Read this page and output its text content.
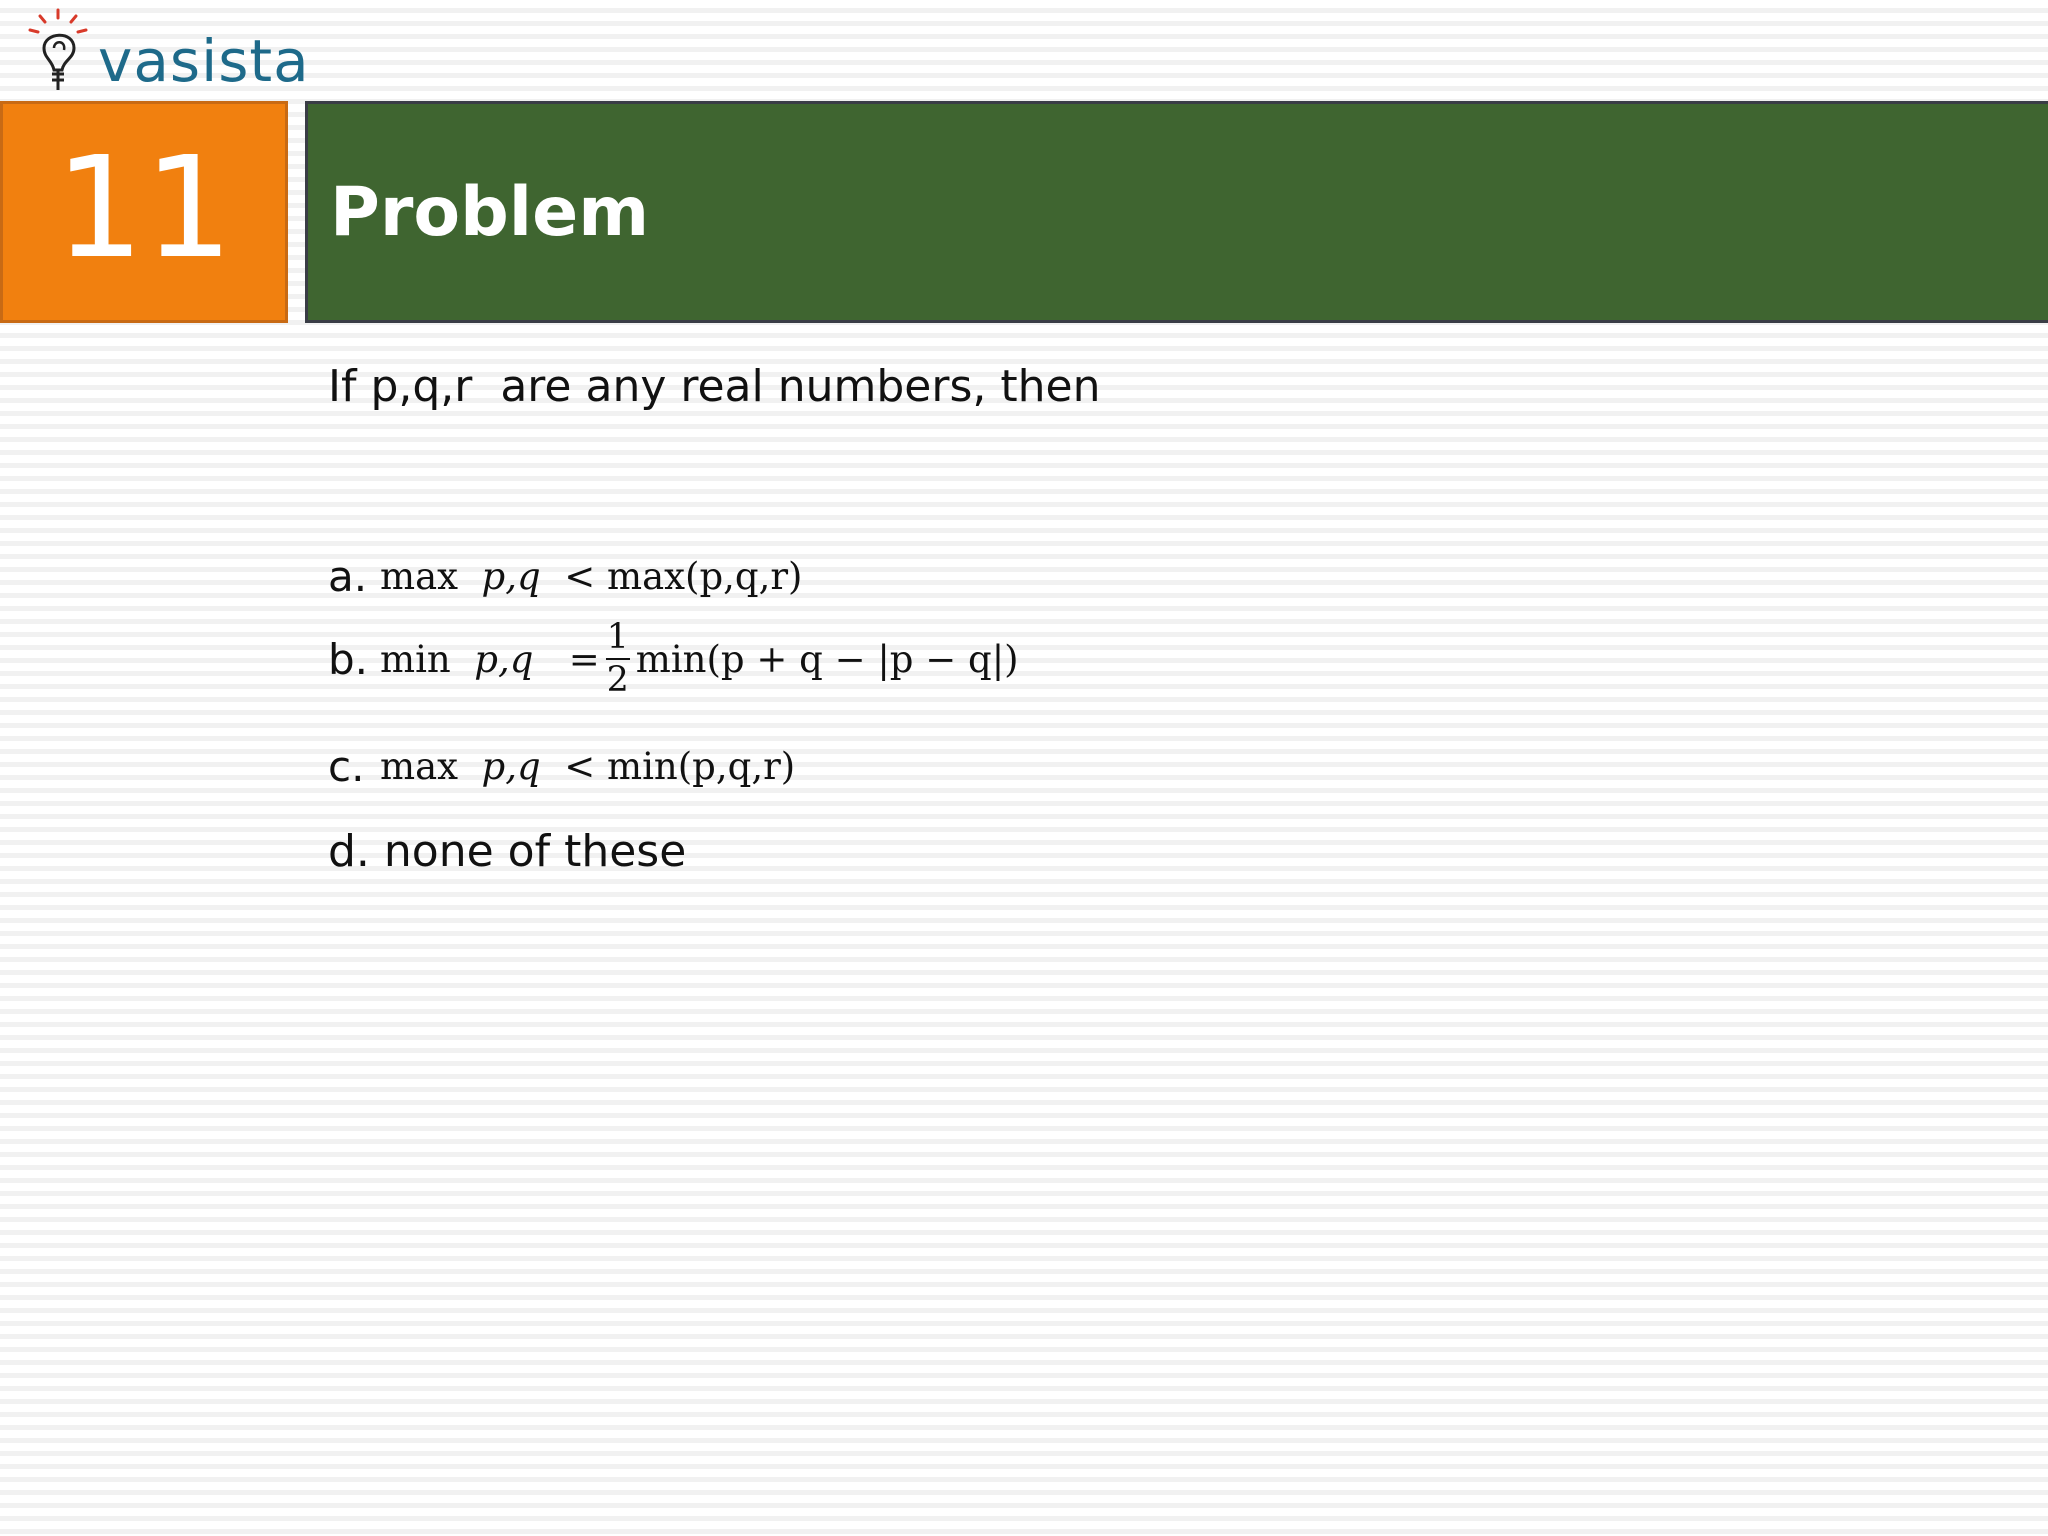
vasista
11 Problem
If p,q,r  are any real numbers, then
a. max p,q < max(p,q,r)
b. min
p,q
= $\frac{1}{2} \min(p + q - |p - q|)$
c. max p,q < min(p,q,r)
d.
none of these
